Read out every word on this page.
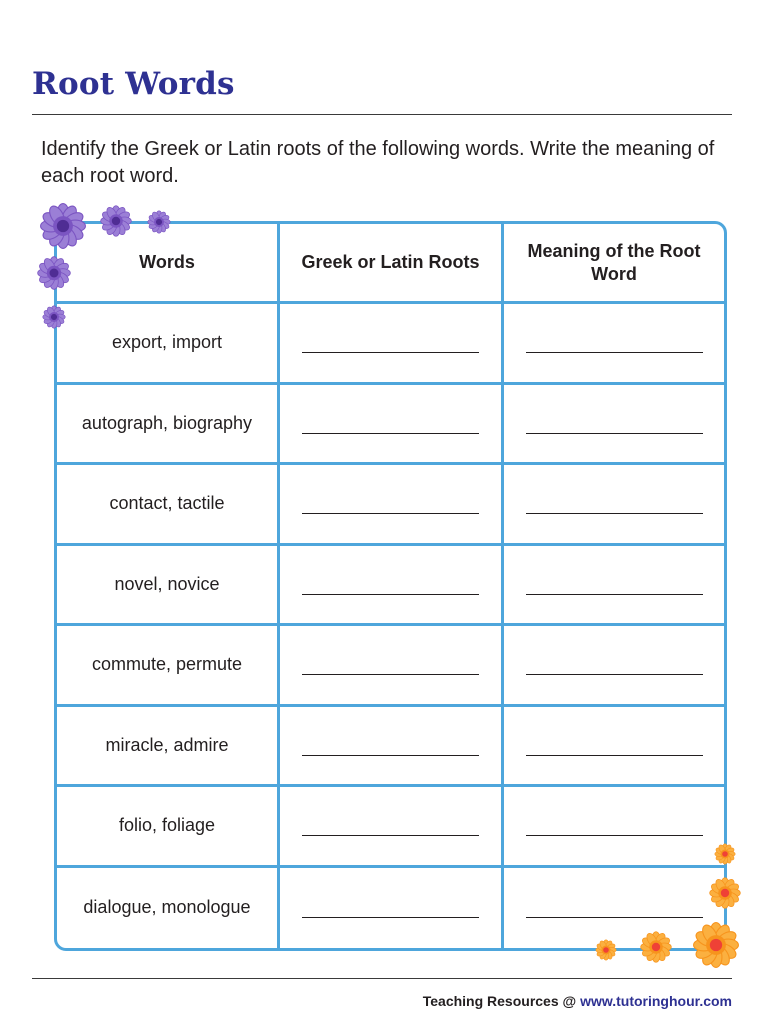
Root Words

Identify the Greek or Latin roots of the following words. Write the meaning of each root word.

Words	Greek or Latin Roots
Meaning of the Root Word
export, import
autograph, biography
contact, tactile
novel, novice
commute, permute
miracle, admire
folio, foliage
dialogue, monologue
Teaching Resources @ www.tutoringhour.com
